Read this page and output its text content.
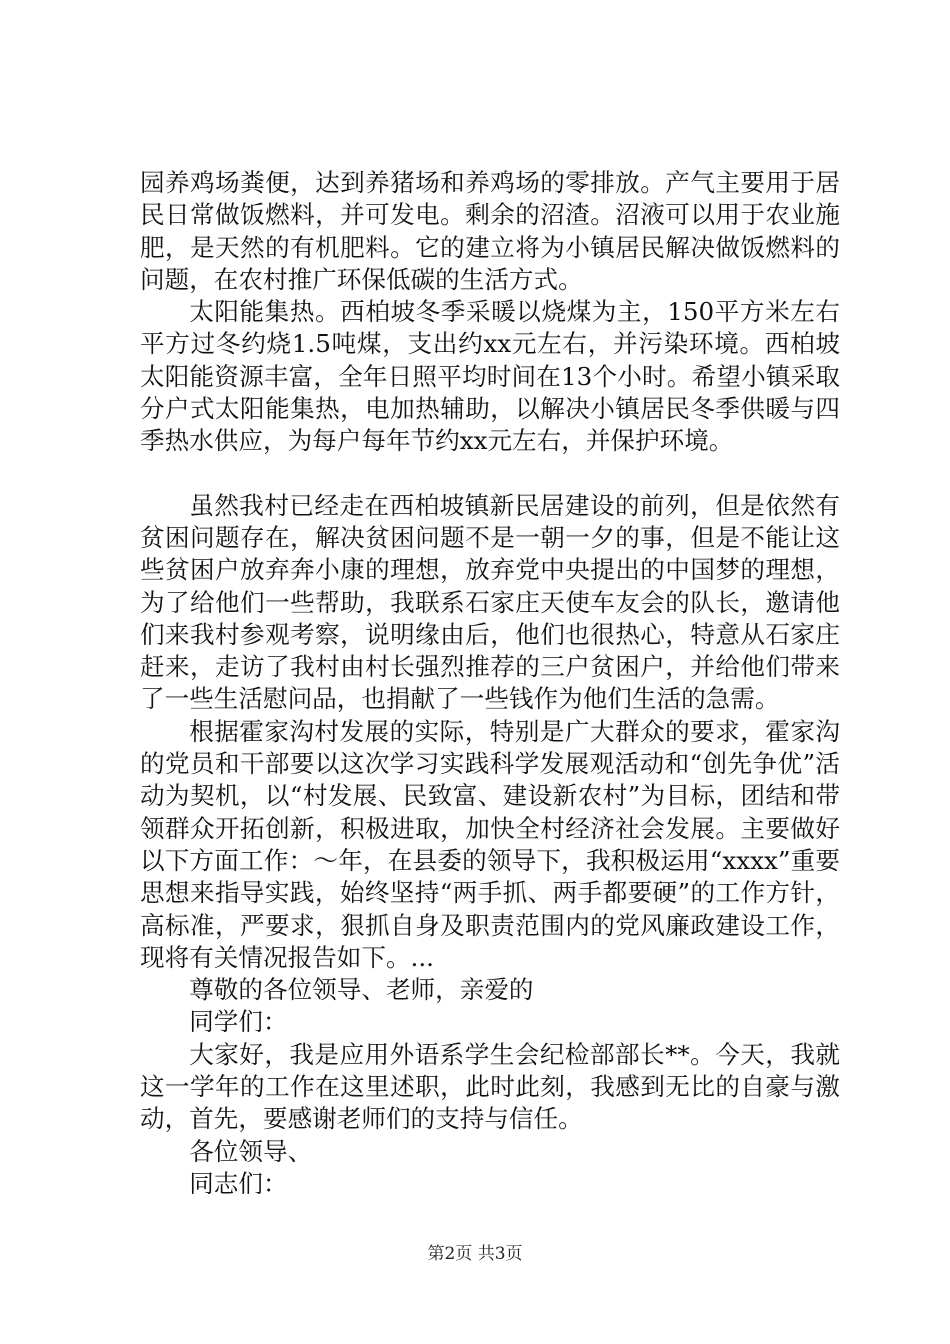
园养鸡场粪便，达到养猪场和养鸡场的零排放。产气主要用于居民日常做饭燃料，并可发电。剩余的沼渣。沼液可以用于农业施肥，是天然的有机肥料。它的建立将为小镇居民解决做饭燃料的问题，在农村推广环保低碳的生活方式。

太阳能集热。西柏坡冬季采暖以烧煤为主，150平方米左右平方过冬约烧1.5吨煤，支出约xx元左右，并污染环境。西柏坡太阳能资源丰富，全年日照平均时间在13个小时。希望小镇采取分户式太阳能集热，电加热辅助，以解决小镇居民冬季供暖与四季热水供应，为每户每年节约xx元左右，并保护环境。

虽然我村已经走在西柏坡镇新民居建设的前列，但是依然有贫困问题存在，解决贫困问题不是一朝一夕的事，但是不能让这些贫困户放弃奔小康的理想，放弃党中央提出的中国梦的理想，为了给他们一些帮助，我联系石家庄天使车友会的队长，邀请他们来我村参观考察，说明缘由后，他们也很热心，特意从石家庄赶来，走访了我村由村长强烈推荐的三户贫困户，并给他们带来了一些生活慰问品，也捐献了一些钱作为他们生活的急需。

根据霍家沟村发展的实际，特别是广大群众的要求，霍家沟的党员和干部要以这次学习实践科学发展观活动和“创先争优”活动为契机，以“村发展、民致富、建设新农村”为目标，团结和带领群众开拓创新，积极进取，加快全村经济社会发展。主要做好以下方面工作：～年，在县委的领导下，我积极运用“xxxx”重要思想来指导实践，始终坚持“两手抓、两手都要硬”的工作方针，高标准，严要求，狠抓自身及职责范围内的党风廉政建设工作，现将有关情况报告如下。...

尊敬的各位领导、老师，亲爱的

同学们：

大家好，我是应用外语系学生会纪检部部长**。今天，我就这一学年的工作在这里述职，此时此刻，我感到无比的自豪与激动，首先，要感谢老师们的支持与信任。

各位领导、

同志们：

第2页 共3页
